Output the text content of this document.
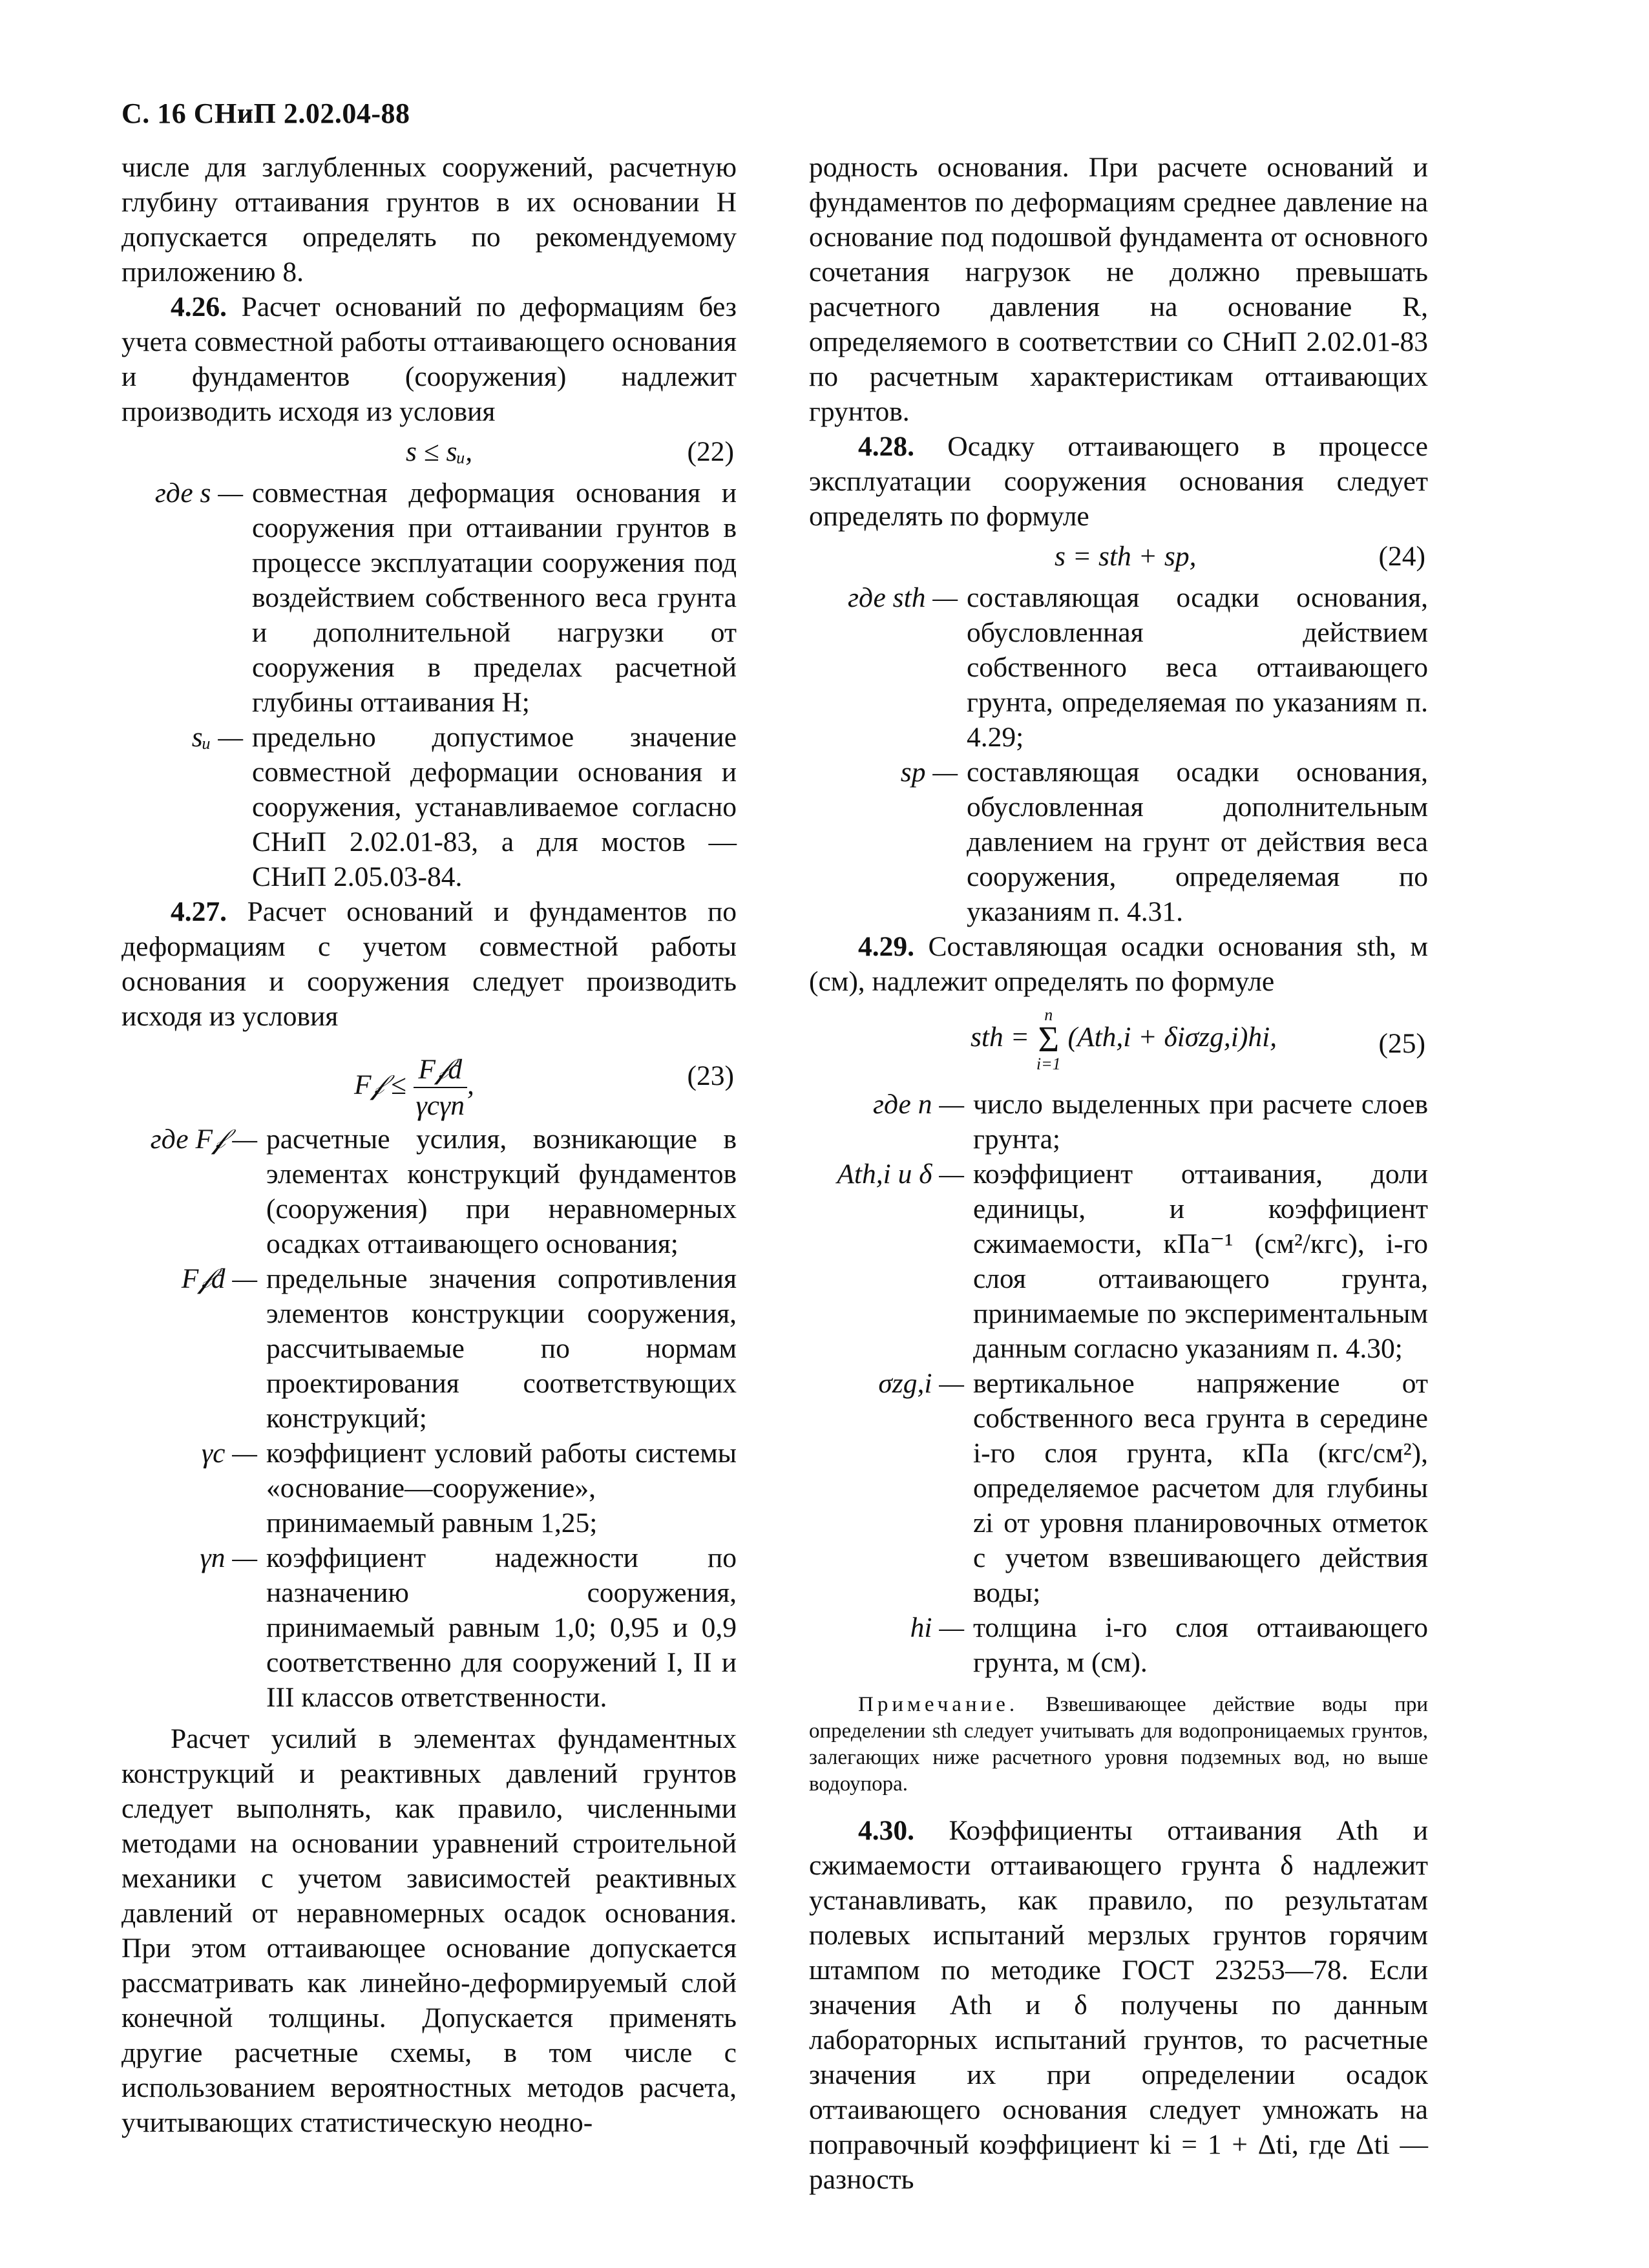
С. 16 СНиП 2.02.04-88

числе для заглубленных сооружений, расчетную глубину оттаивания грунтов в их основании H допускается определять по рекомендуемому приложению 8.

4.26. Расчет оснований по деформациям без учета совместной работы оттаивающего основания и фундаментов (сооружения) надлежит производить исходя из условия

s ≤ sᵤ,	(22)
где s — совместная деформация основания и сооружения при оттаивании грунтов в процессе эксплуатации сооружения под воздействием собственного веса грунта и дополнительной нагрузки от сооружения в пределах расчетной глубины оттаивания H;
sᵤ — предельно допустимое значение совместной деформации основания и сооружения, устанавливаемое согласно СНиП 2.02.01-83, а для мостов — СНиП 2.05.03-84.

4.27. Расчет оснований и фундаментов по деформациям с учетом совместной работы основания и сооружения следует производить исходя из условия

F𝒻 ≤ $\frac{\text{F𝒻d}}{\text{γcγn}}$ ,	(23)
где F𝒻 — расчетные усилия, возникающие в элементах конструкций фундаментов (сооружения) при неравномерных осадках оттаивающего основания;
F𝒻d — предельные значения сопротивления элементов конструкции сооружения, рассчитываемые по нормам проектирования соответствующих конструкций;
γc — коэффициент условий работы системы «основание—сооружение», принимаемый равным 1,25;
γn — коэффициент надежности по назначению сооружения, принимаемый равным 1,0; 0,95 и 0,9 соответственно для сооружений I, II и III классов ответственности.

Расчет усилий в элементах фундаментных конструкций и реактивных давлений грунтов следует выполнять, как правило, численными методами на основании уравнений строительной механики с учетом зависимостей реактивных давлений от неравномерных осадок основания. При этом оттаивающее основание допускается рассматривать как линейно-деформируемый слой конечной толщины. Допускается применять другие расчетные схемы, в том числе с использованием вероятностных методов расчета, учитывающих статистическую неодно-

родность основания. При расчете оснований и фундаментов по деформациям среднее давление на основание под подошвой фундамента от основного сочетания нагрузок не должно превышать расчетного давления на основание R, определяемого в соответствии со СНиП 2.02.01-83 по расчетным характеристикам оттаивающих грунтов.

4.28. Осадку оттаивающего в процессе эксплуатации сооружения основания следует определять по формуле

s = sth + sp,	(24)
где sth — составляющая осадки основания, обусловленная действием собственного веса оттаивающего грунта, определяемая по указаниям п. 4.29;
sp — составляющая осадки основания, обусловленная дополнительным давлением на грунт от действия веса сооружения, определяемая по указаниям п. 4.31.

4.29. Составляющая осадки основания sth, м (см), надлежит определять по формуле

sth =
n
Σ
i=1
(Ath,i + δiσzg,i)hi,	(25)
где n — число выделенных при расчете слоев грунта;
Ath,i и δ — коэффициент оттаивания, доли единицы, и коэффициент сжимаемости, кПа⁻¹ (см²/кгс), i-го слоя оттаивающего грунта, принимаемые по экспериментальным данным согласно указаниям п. 4.30;
σzg,i — вертикальное напряжение от собственного веса грунта в середине i-го слоя грунта, кПа (кгс/см²), определяемое расчетом для глубины zi от уровня планировочных отметок с учетом взвешивающего действия воды;
hi — толщина i-го слоя оттаивающего грунта, м (см).

Примечание. Взвешивающее действие воды при определении sth следует учитывать для водопроницаемых грунтов, залегающих ниже расчетного уровня подземных вод, но выше водоупора.

4.30. Коэффициенты оттаивания Ath и сжимаемости оттаивающего грунта δ надлежит устанавливать, как правило, по результатам полевых испытаний мерзлых грунтов горячим штампом по методике ГОСТ 23253—78. Если значения Ath и δ получены по данным лабораторных испытаний грунтов, то расчетные значения их при определении осадок оттаивающего основания следует умножать на поправочный коэффициент ki = 1 + Δti, где Δti —разность
